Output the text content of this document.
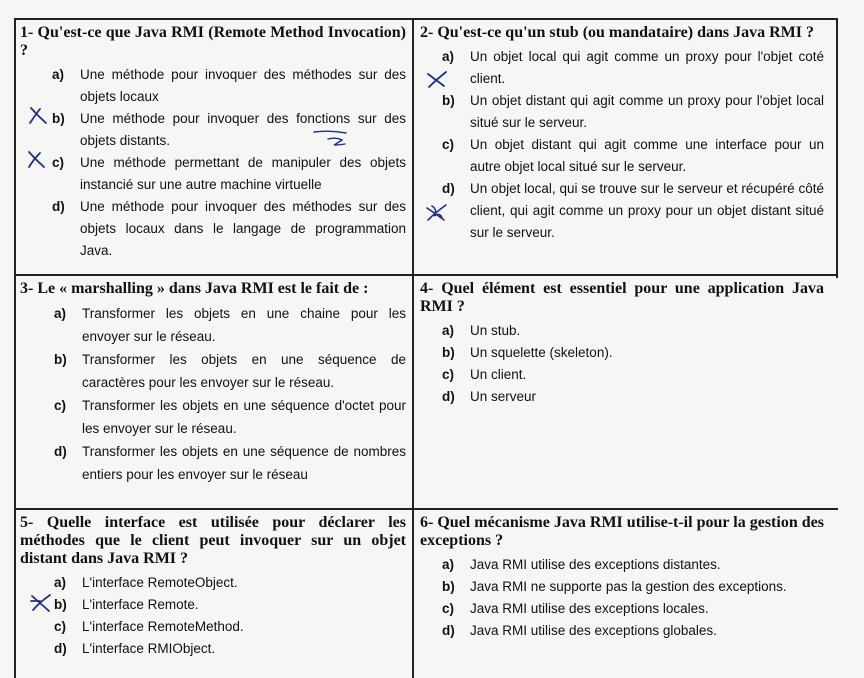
1- Qu'est-ce que Java RMI (Remote Method Invocation) ?

a) Une méthode pour invoquer des méthodes sur des objets locaux
b) Une méthode pour invoquer des fonctions sur des objets distants.
c) Une méthode permettant de manipuler des objets instancié sur une autre machine virtuelle
d) Une méthode pour invoquer des méthodes sur des objets locaux dans le langage de programmation Java.

2- Qu'est-ce qu'un stub (ou mandataire) dans Java RMI ?

a) Un objet local qui agit comme un proxy pour l'objet coté client.
b) Un objet distant qui agit comme un proxy pour l'objet local situé sur le serveur.
c) Un objet distant qui agit comme une interface pour un autre objet local situé sur le serveur.
d) Un objet local, qui se trouve sur le serveur et récupéré côté client, qui agit comme un proxy pour un objet distant situé sur le serveur.

3- Le « marshalling » dans Java RMI est le fait de :

a) Transformer les objets en une chaine pour les envoyer sur le réseau.
b) Transformer les objets en une séquence de caractères pour les envoyer sur le réseau.
c) Transformer les objets en une séquence d'octet pour les envoyer sur le réseau.
d) Transformer les objets en une séquence de nombres entiers pour les envoyer sur le réseau

4- Quel élément est essentiel pour une application Java RMI ?

a) Un stub.
b) Un squelette (skeleton).
c) Un client.
d) Un serveur

5- Quelle interface est utilisée pour déclarer les méthodes que le client peut invoquer sur un objet distant dans Java RMI ?

a) L'interface RemoteObject.
b) L'interface Remote.
c) L'interface RemoteMethod.
d) L'interface RMIObject.

6- Quel mécanisme Java RMI utilise-t-il pour la gestion des exceptions ?

a) Java RMI utilise des exceptions distantes.
b) Java RMI ne supporte pas la gestion des exceptions.
c) Java RMI utilise des exceptions locales.
d) Java RMI utilise des exceptions globales.
